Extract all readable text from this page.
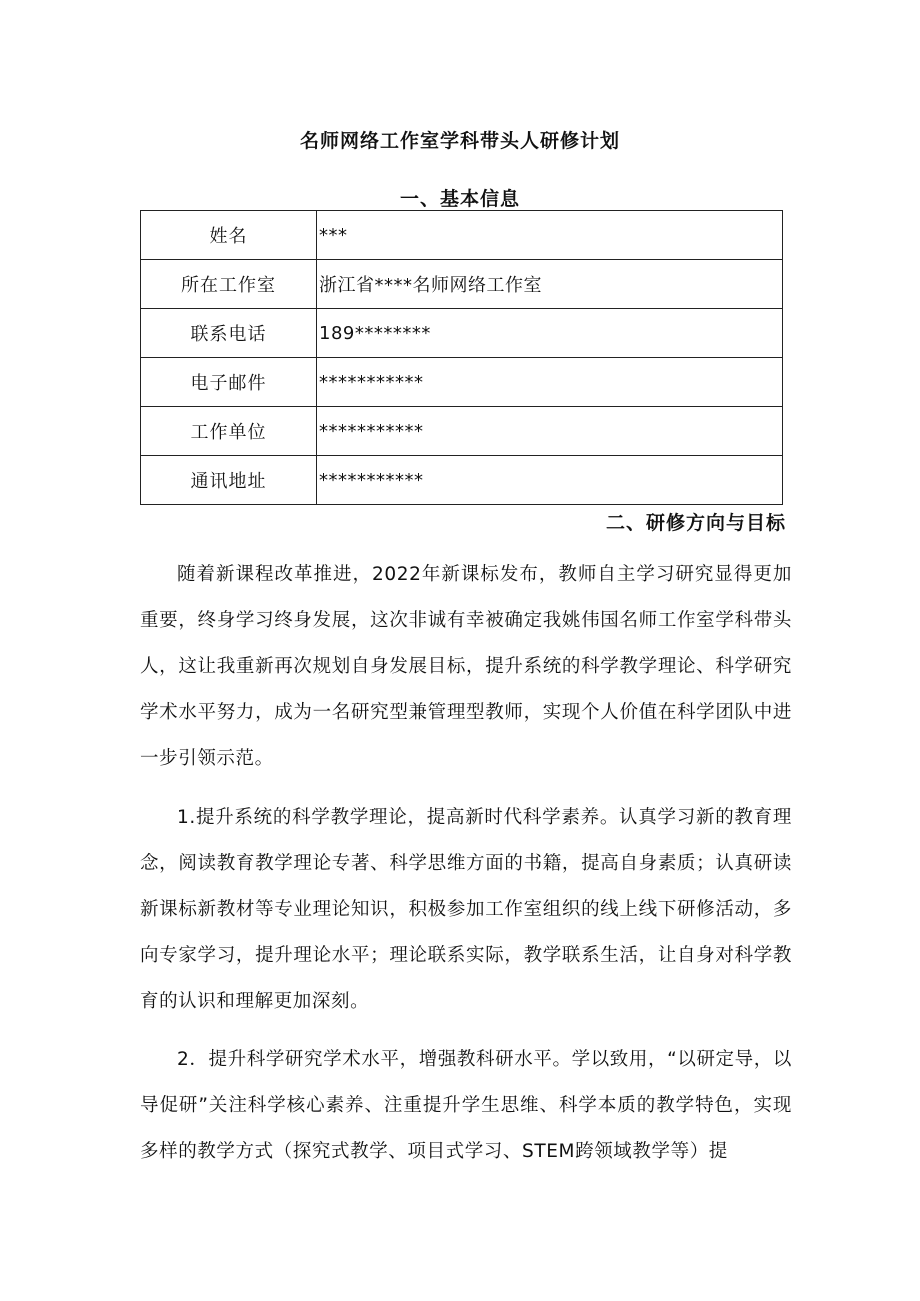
名师网络工作室学科带头人研修计划
一、基本信息
姓名	***
所在工作室	浙江省****名师网络工作室
联系电话	189********
电子邮件	***********
工作单位	***********
通讯地址	***********
二、研修方向与目标

随着新课程改革推进，2022年新课标发布，教师自主学习研究显得更加重要，终身学习终身发展，这次非诚有幸被确定我姚伟国名师工作室学科带头人，这让我重新再次规划自身发展目标，提升系统的科学教学理论、科学研究学术水平努力，成为一名研究型兼管理型教师，实现个人价值在科学团队中进一步引领示范。

1.提升系统的科学教学理论，提高新时代科学素养。认真学习新的教育理念，阅读教育教学理论专著、科学思维方面的书籍，提高自身素质；认真研读新课标新教材等专业理论知识，积极参加工作室组织的线上线下研修活动，多向专家学习，提升理论水平；理论联系实际，教学联系生活，让自身对科学教育的认识和理解更加深刻。

2．提升科学研究学术水平，增强教科研水平。学以致用，“以研定导，以导促研”关注科学核心素养、注重提升学生思维、科学本质的教学特色，实现多样的教学方式（探究式教学、项目式学习、STEM跨领域教学等）提
